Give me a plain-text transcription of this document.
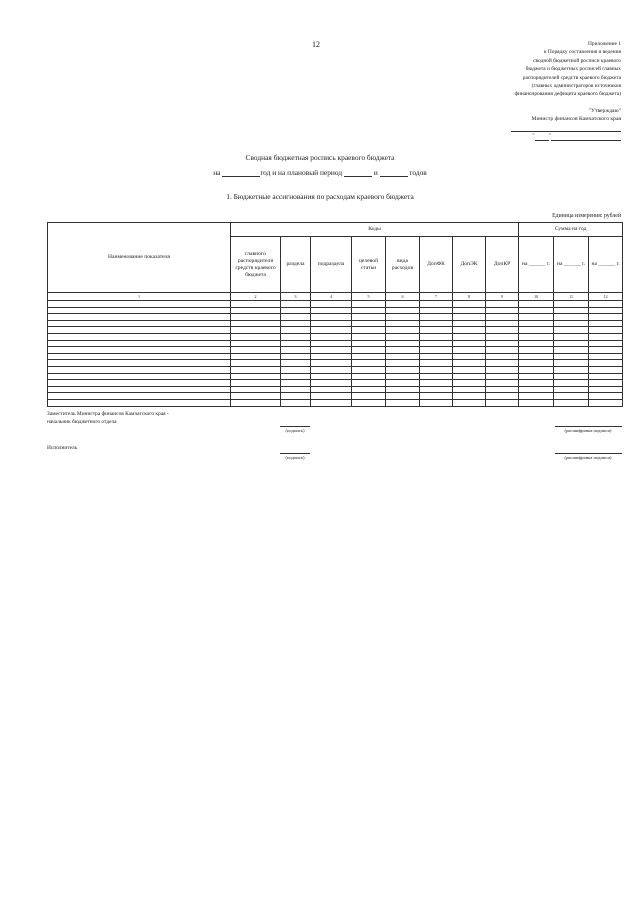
12	Приложение 1
к Порядку составления и ведения
сводной бюджетной росписи краевого
бюджета и бюджетных росписей главных
распорядителей средств краевого бюджета
(главных администраторов источников
финансирования дефицита краевого бюджета)
"Утверждаю"
Министр финансов Камчатского края
"	"
Сводная бюджетная роспись краевого бюджета
на	год и на плановый период	и	годов
1. Бюджетные ассигнования по расходам краевого бюджета
Единица измерения: рублей
Наименование показателя	Коды								Сумма на год		
	главного распорядителя средств краевого бюджета	раздела	подраздела	целевой статьи	вида расходов	ДопФК	ДопЭК	ДопКР	на ______ г.	на ______ г.	на ______ г.
1	2	3	4	5	6	7	8	9	10	11	12

Заместитель Министра финансов Камчатского края -
начальник бюджетного отдела
(подпись)	(расшифровка подписи)
Исполнитель
(подпись)	(расшифровка подписи)
